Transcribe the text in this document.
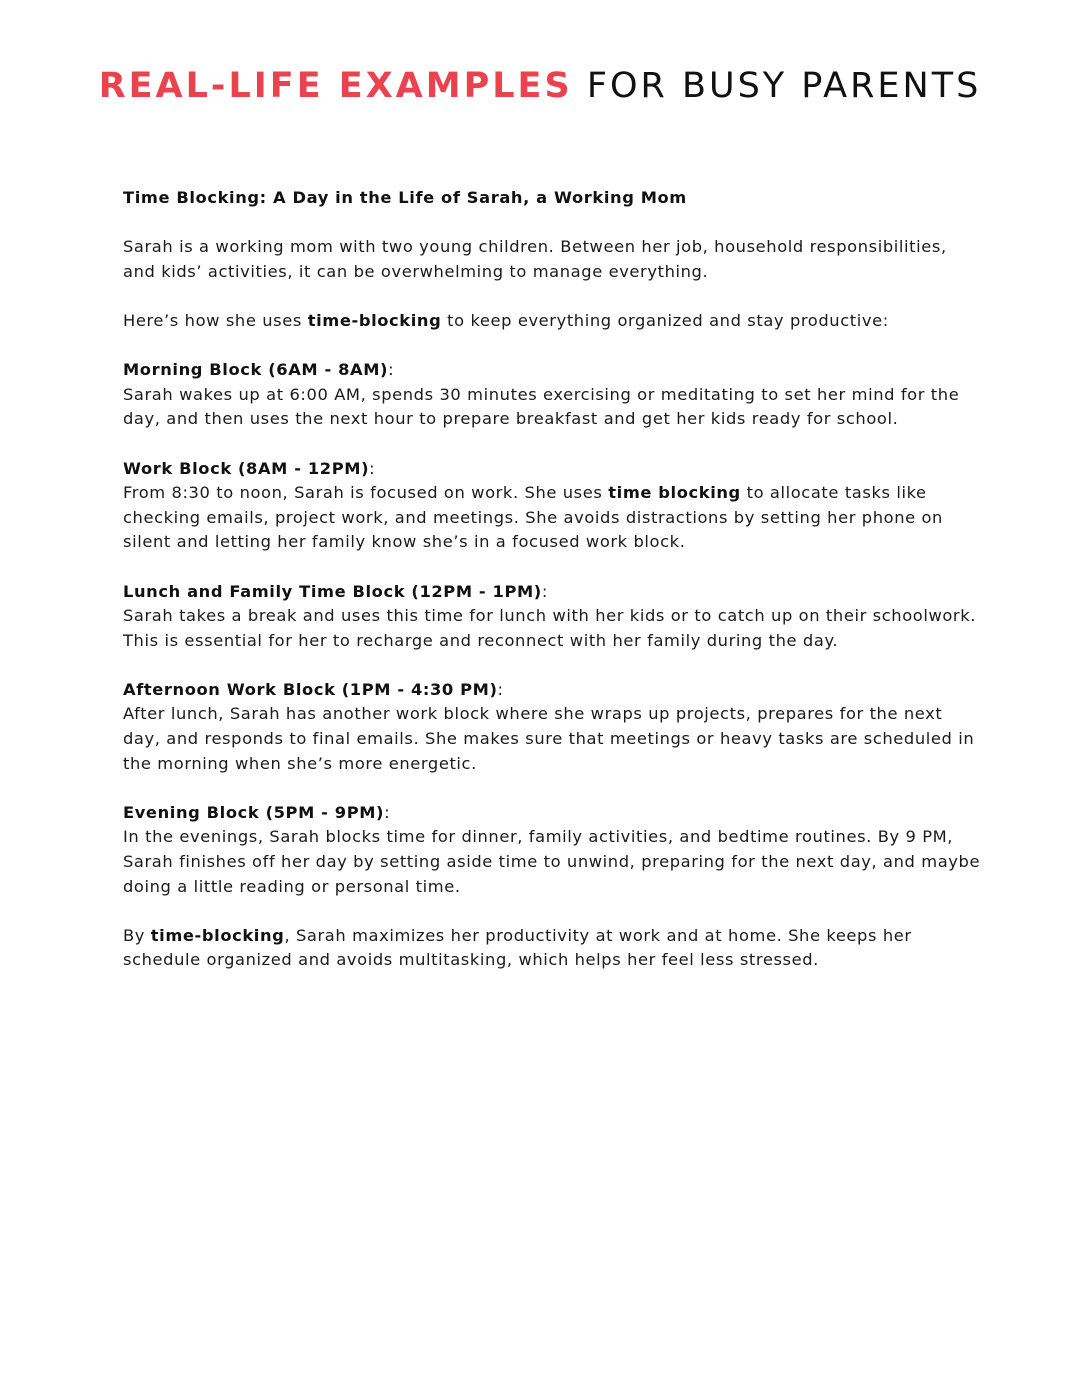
REAL-LIFE EXAMPLES FOR BUSY PARENTS

Time Blocking: A Day in the Life of Sarah, a Working Mom

Sarah is a working mom with two young children. Between her job, household responsibilities, and kids’ activities, it can be overwhelming to manage everything.

Here’s how she uses time-blocking to keep everything organized and stay productive:

Morning Block (6AM - 8AM):
Sarah wakes up at 6:00 AM, spends 30 minutes exercising or meditating to set her mind for the day, and then uses the next hour to prepare breakfast and get her kids ready for school.

Work Block (8AM - 12PM):
From 8:30 to noon, Sarah is focused on work. She uses time blocking to allocate tasks like checking emails, project work, and meetings. She avoids distractions by setting her phone on silent and letting her family know she’s in a focused work block.

Lunch and Family Time Block (12PM - 1PM):
Sarah takes a break and uses this time for lunch with her kids or to catch up on their schoolwork. This is essential for her to recharge and reconnect with her family during the day.

Afternoon Work Block (1PM - 4:30 PM):
After lunch, Sarah has another work block where she wraps up projects, prepares for the next day, and responds to final emails. She makes sure that meetings or heavy tasks are scheduled in the morning when she’s more energetic.

Evening Block (5PM - 9PM):
In the evenings, Sarah blocks time for dinner, family activities, and bedtime routines. By 9 PM, Sarah finishes off her day by setting aside time to unwind, preparing for the next day, and maybe doing a little reading or personal time.

By time-blocking, Sarah maximizes her productivity at work and at home. She keeps her schedule organized and avoids multitasking, which helps her feel less stressed.
